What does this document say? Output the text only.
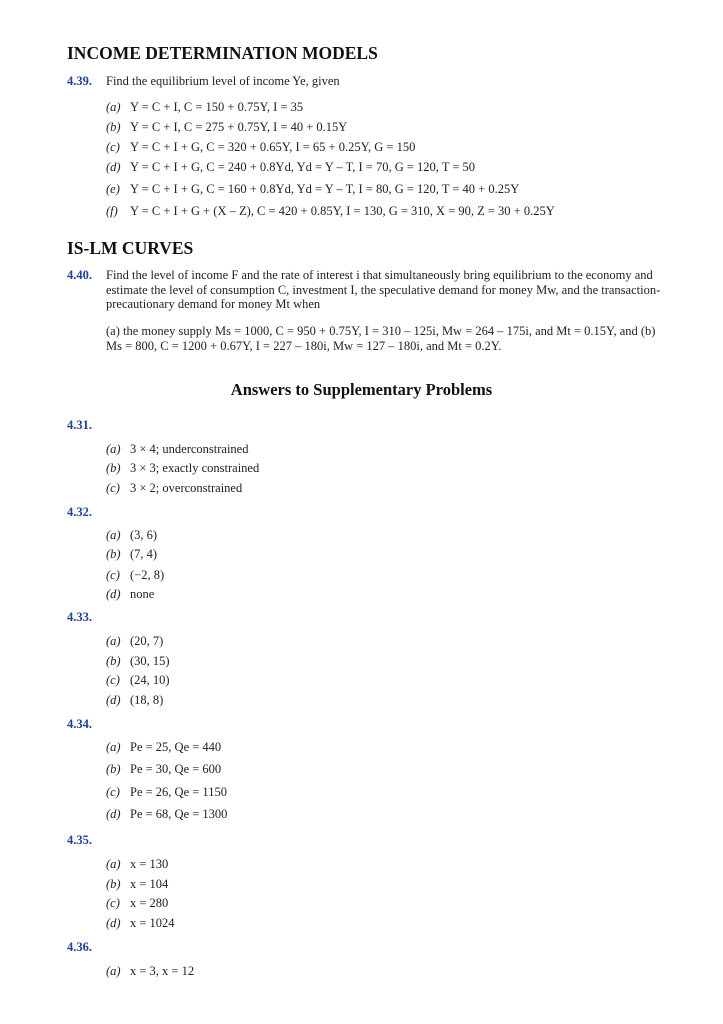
INCOME DETERMINATION MODELS
4.39. Find the equilibrium level of income Ye, given
(a) Y = C + I, C = 150 + 0.75Y, I = 35
(b) Y = C + I, C = 275 + 0.75Y, I = 40 + 0.15Y
(c) Y = C + I + G, C = 320 + 0.65Y, I = 65 + 0.25Y, G = 150
(d) Y = C + I + G, C = 240 + 0.8Yd, Yd = Y – T, I = 70, G = 120, T = 50
(e) Y = C + I + G, C = 160 + 0.8Yd, Yd = Y – T, I = 80, G = 120, T = 40 + 0.25Y
(f) Y = C + I + G + (X – Z), C = 420 + 0.85Y, I = 130, G = 310, X = 90, Z = 30 + 0.25Y
IS-LM CURVES
4.40. Find the level of income F and the rate of interest i that simultaneously bring equilibrium to the economy and estimate the level of consumption C, investment I, the speculative demand for money Mw, and the transaction-precautionary demand for money Mt when
(a) the money supply Ms = 1000, C = 950 + 0.75Y, I = 310 – 125i, Mw = 264 – 175i, and Mt = 0.15Y, and (b) Ms = 800, C = 1200 + 0.67Y, I = 227 – 180i, Mw = 127 – 180i, and Mt = 0.2Y.
Answers to Supplementary Problems
4.31.
(a) 3 × 4; underconstrained
(b) 3 × 3; exactly constrained
(c) 3 × 2; overconstrained
4.32.
(a) (3, 6)
(b) (7, 4)
(c) (−2, 8)
(d) none
4.33.
(a) (20, 7)
(b) (30, 15)
(c) (24, 10)
(d) (18, 8)
4.34.
(a) Pe = 25, Qe = 440
(b) Pe = 30, Qe = 600
(c) Pe = 26, Qe = 1150
(d) Pe = 68, Qe = 1300
4.35.
(a) x = 130
(b) x = 104
(c) x = 280
(d) x = 1024
4.36.
(a) x = 3, x = 12
